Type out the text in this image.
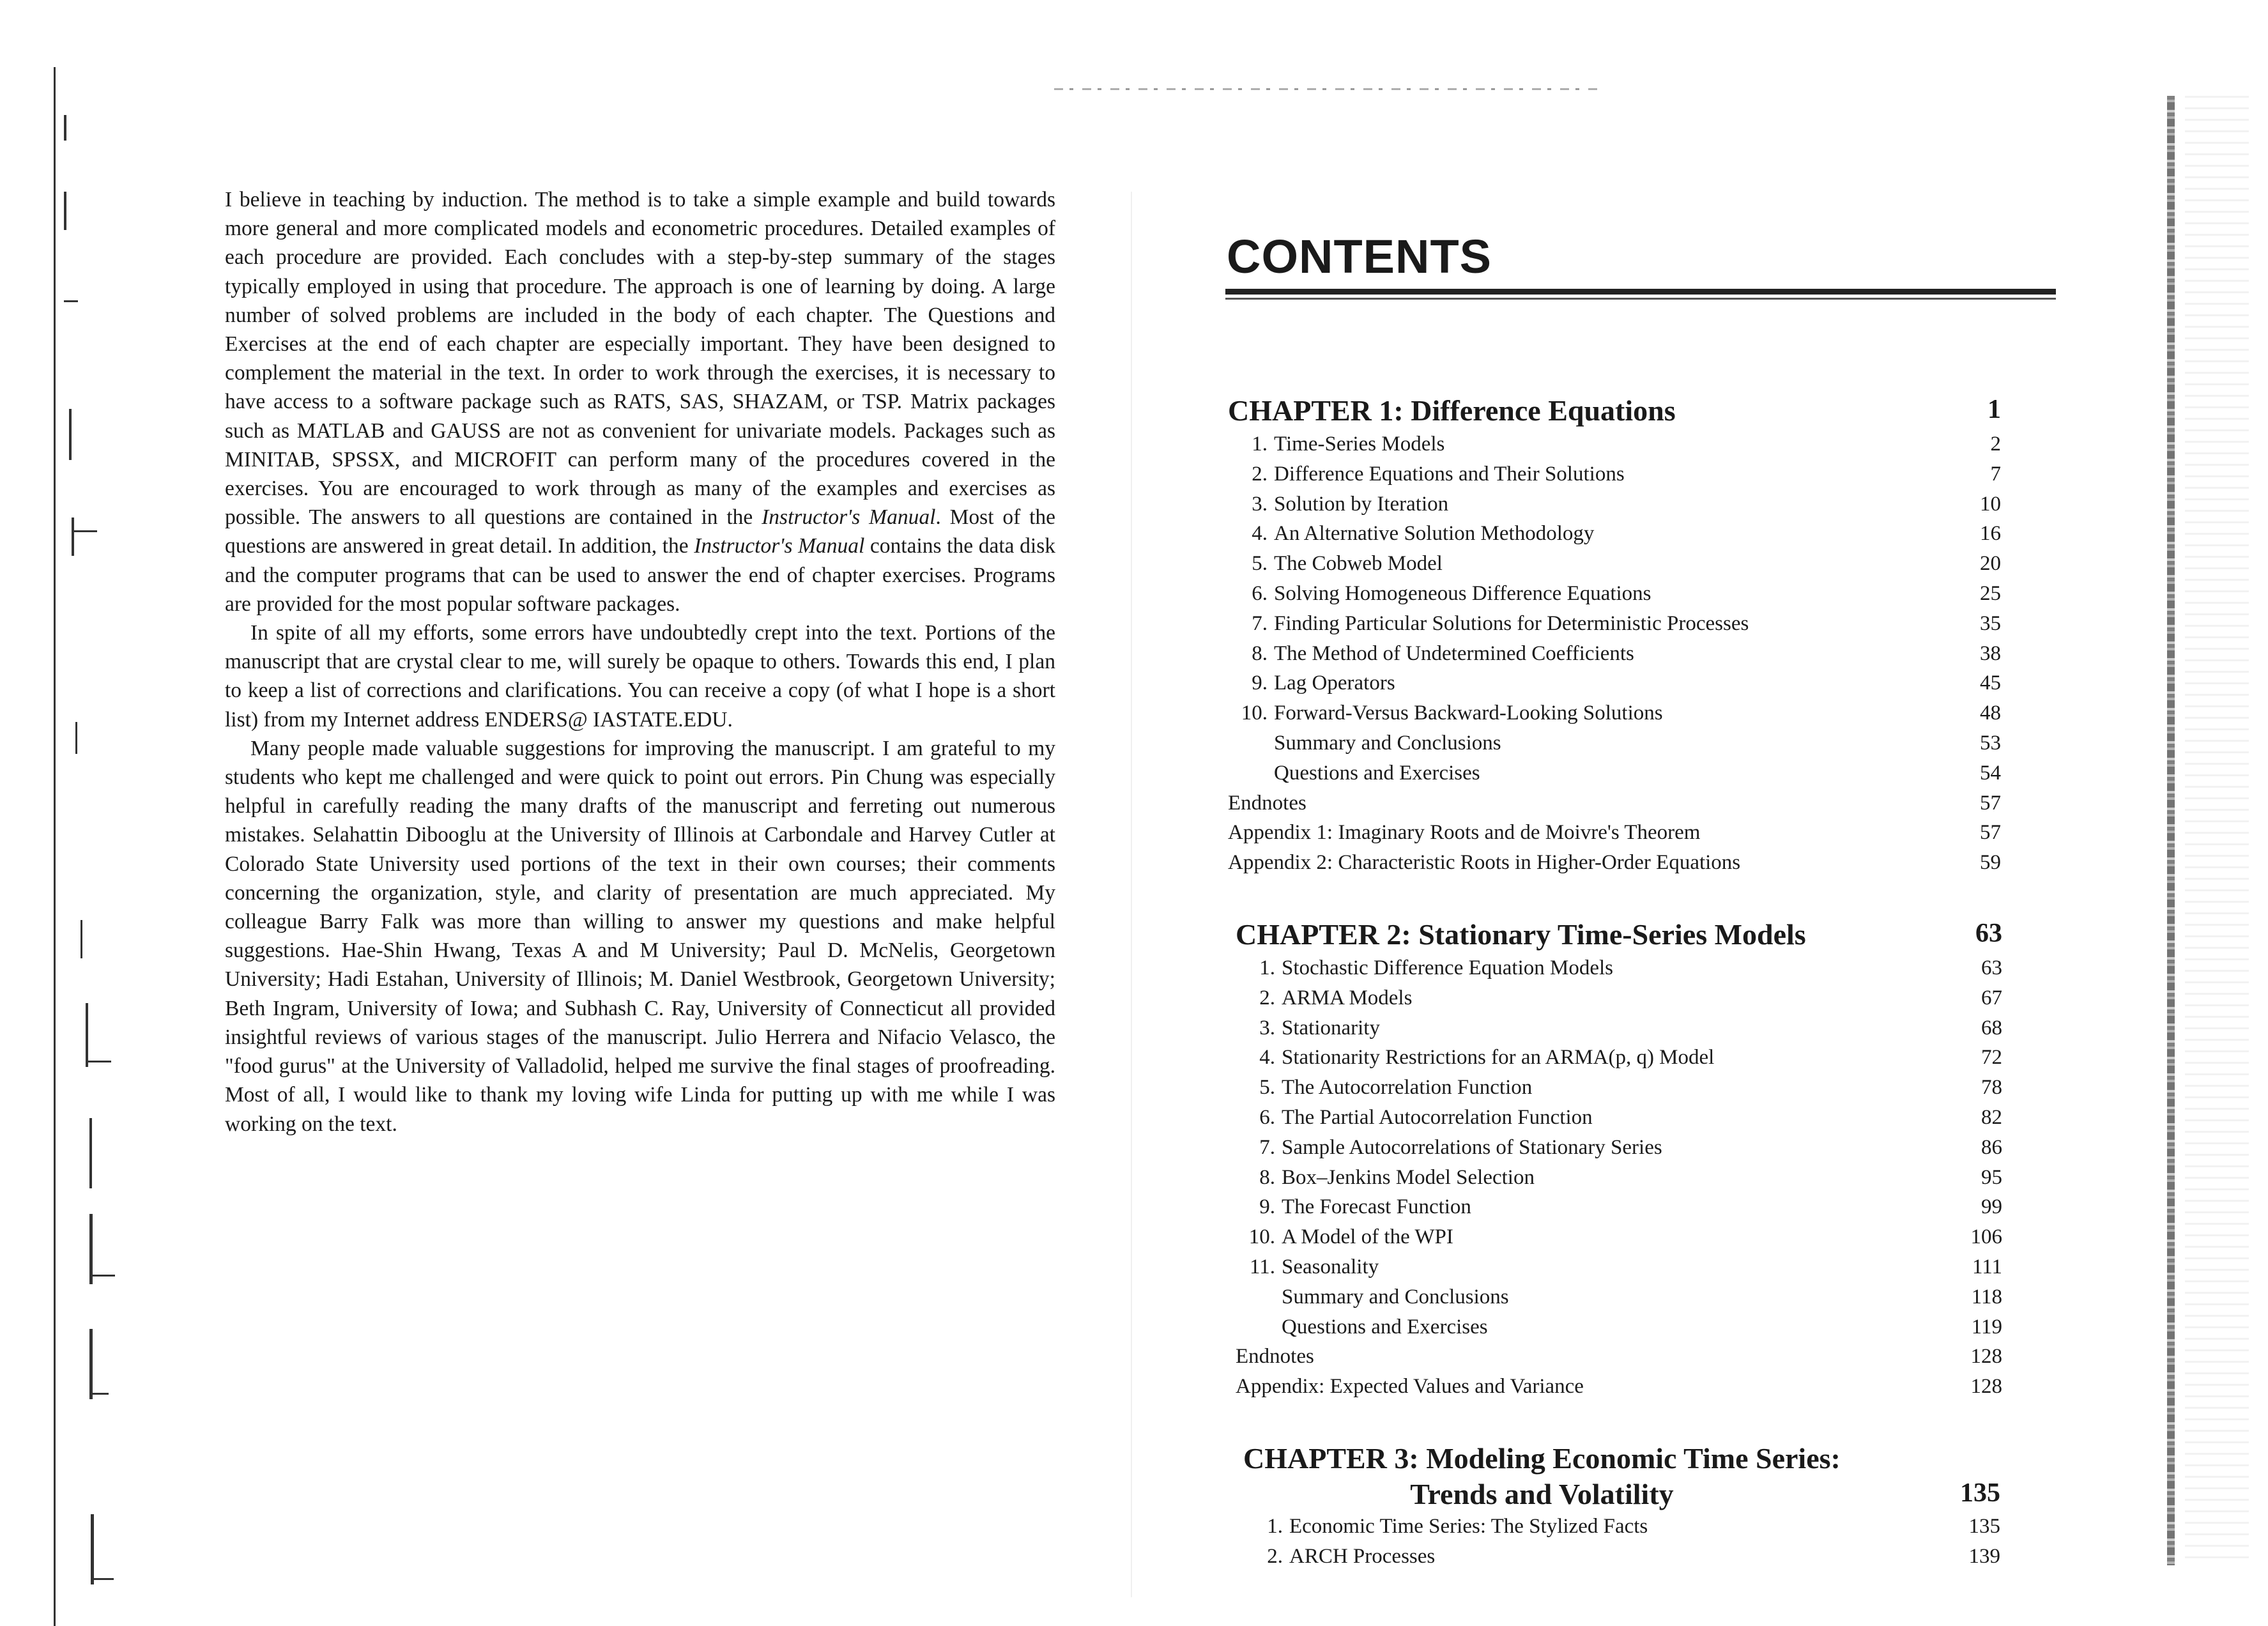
I believe in teaching by induction. The method is to take a simple example and build towards more general and more complicated models and econometric procedures. Detailed examples of each procedure are provided. Each concludes with a step-by-step summary of the stages typically employed in using that procedure. The approach is one of learning by doing. A large number of solved problems are included in the body of each chapter. The Questions and Exercises at the end of each chapter are especially important. They have been designed to complement the material in the text. In order to work through the exercises, it is necessary to have access to a software package such as RATS, SAS, SHAZAM, or TSP. Matrix packages such as MATLAB and GAUSS are not as convenient for univariate models. Packages such as MINITAB, SPSSX, and MICROFIT can perform many of the procedures covered in the exercises. You are encouraged to work through as many of the examples and exercises as possible. The answers to all questions are contained in the Instructor's Manual. Most of the questions are answered in great detail. In addition, the Instructor's Manual contains the data disk and the computer programs that can be used to answer the end of chapter exercises. Programs are provided for the most popular software packages.

In spite of all my efforts, some errors have undoubtedly crept into the text. Portions of the manuscript that are crystal clear to me, will surely be opaque to others. Towards this end, I plan to keep a list of corrections and clarifications. You can receive a copy (of what I hope is a short list) from my Internet address ENDERS@ IASTATE.EDU.

Many people made valuable suggestions for improving the manuscript. I am grateful to my students who kept me challenged and were quick to point out errors. Pin Chung was especially helpful in carefully reading the many drafts of the manuscript and ferreting out numerous mistakes. Selahattin Dibooglu at the University of Illinois at Carbondale and Harvey Cutler at Colorado State University used portions of the text in their own courses; their comments concerning the organization, style, and clarity of presentation are much appreciated. My colleague Barry Falk was more than willing to answer my questions and make helpful suggestions. Hae-Shin Hwang, Texas A and M University; Paul D. McNelis, Georgetown University; Hadi Estahan, University of Illinois; M. Daniel Westbrook, Georgetown University; Beth Ingram, University of Iowa; and Subhash C. Ray, University of Connecticut all provided insightful reviews of various stages of the manuscript. Julio Herrera and Nifacio Velasco, the "food gurus" at the University of Valladolid, helped me survive the final stages of proofreading. Most of all, I would like to thank my loving wife Linda for putting up with me while I was working on the text.

CONTENTS
CHAPTER 1: Difference Equations	1
1. Time-Series Models	2
2. Difference Equations and Their Solutions	7
3. Solution by Iteration	10
4. An Alternative Solution Methodology	16
5. The Cobweb Model	20
6. Solving Homogeneous Difference Equations	25
7. Finding Particular Solutions for Deterministic Processes	35
8. The Method of Undetermined Coefficients	38
9. Lag Operators	45
10. Forward-Versus Backward-Looking Solutions	48
Summary and Conclusions	53
Questions and Exercises	54
Endnotes	57
Appendix 1: Imaginary Roots and de Moivre's Theorem	57
Appendix 2: Characteristic Roots in Higher-Order Equations	59
CHAPTER 2: Stationary Time-Series Models	63
1. Stochastic Difference Equation Models	63
2. ARMA Models	67
3. Stationarity	68
4. Stationarity Restrictions for an ARMA(p, q) Model	72
5. The Autocorrelation Function	78
6. The Partial Autocorrelation Function	82
7. Sample Autocorrelations of Stationary Series	86
8. Box–Jenkins Model Selection	95
9. The Forecast Function	99
10. A Model of the WPI	106
11. Seasonality	111
Summary and Conclusions	118
Questions and Exercises	119
Endnotes	128
Appendix: Expected Values and Variance	128
CHAPTER 3: Modeling Economic Time Series:
Trends and Volatility	135
1. Economic Time Series: The Stylized Facts	135
2. ARCH Processes	139
